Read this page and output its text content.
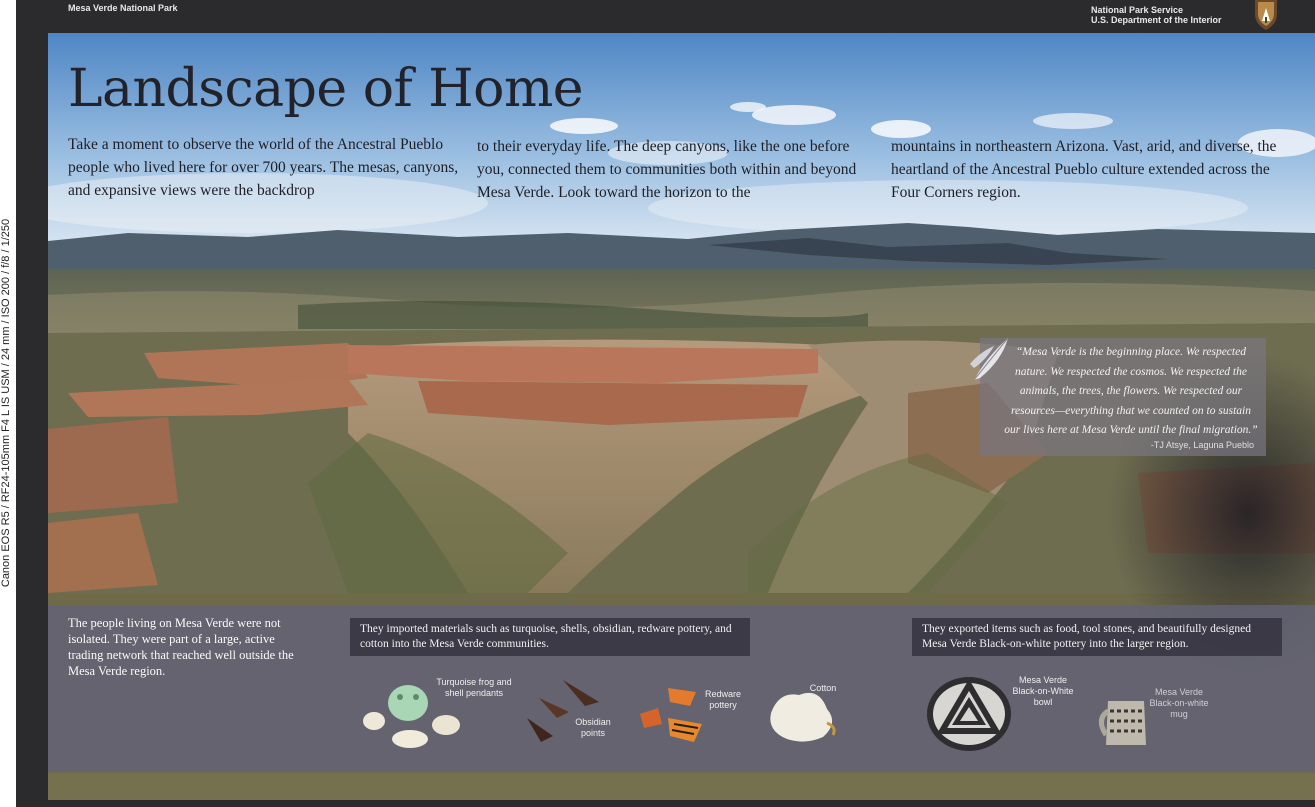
Canon EOS R5 / RF24-105mm F4 L IS USM / 24 mm / ISO 200 / f/8 / 1/250
Mesa Verde National Park	National Park Service
U.S. Department of the Interior
Landscape of Home
Take a moment to observe the world of the Ancestral Pueblo people who lived here for over 700 years. The mesas, canyons, and expansive views were the backdrop
to their everyday life. The deep canyons, like the one before you, connected them to communities both within and beyond Mesa Verde. Look toward the horizon to the
mountains in northeastern Arizona. Vast, arid, and diverse, the heartland of the Ancestral Pueblo culture extended across the Four Corners region.
“Mesa Verde is the beginning place. We respected nature. We respected the cosmos. We respected the animals, the trees, the flowers. We respected our resources—everything that we counted on to sustain our lives here at Mesa Verde until the final migration.”
-TJ Atsye, Laguna Pueblo
The people living on Mesa Verde were not isolated. They were part of a large, active trading network that reached well outside the Mesa Verde region.
They imported materials such as turquoise, shells, obsidian, redware pottery, and cotton into the Mesa Verde communities.
They exported items such as food, tool stones, and beautifully designed Mesa Verde Black-on-white pottery into the larger region.
Turquoise frog and shell pendants
Obsidian points
Redware pottery
Cotton
Mesa Verde Black-on-White bowl
Mesa Verde Black-on-white mug
